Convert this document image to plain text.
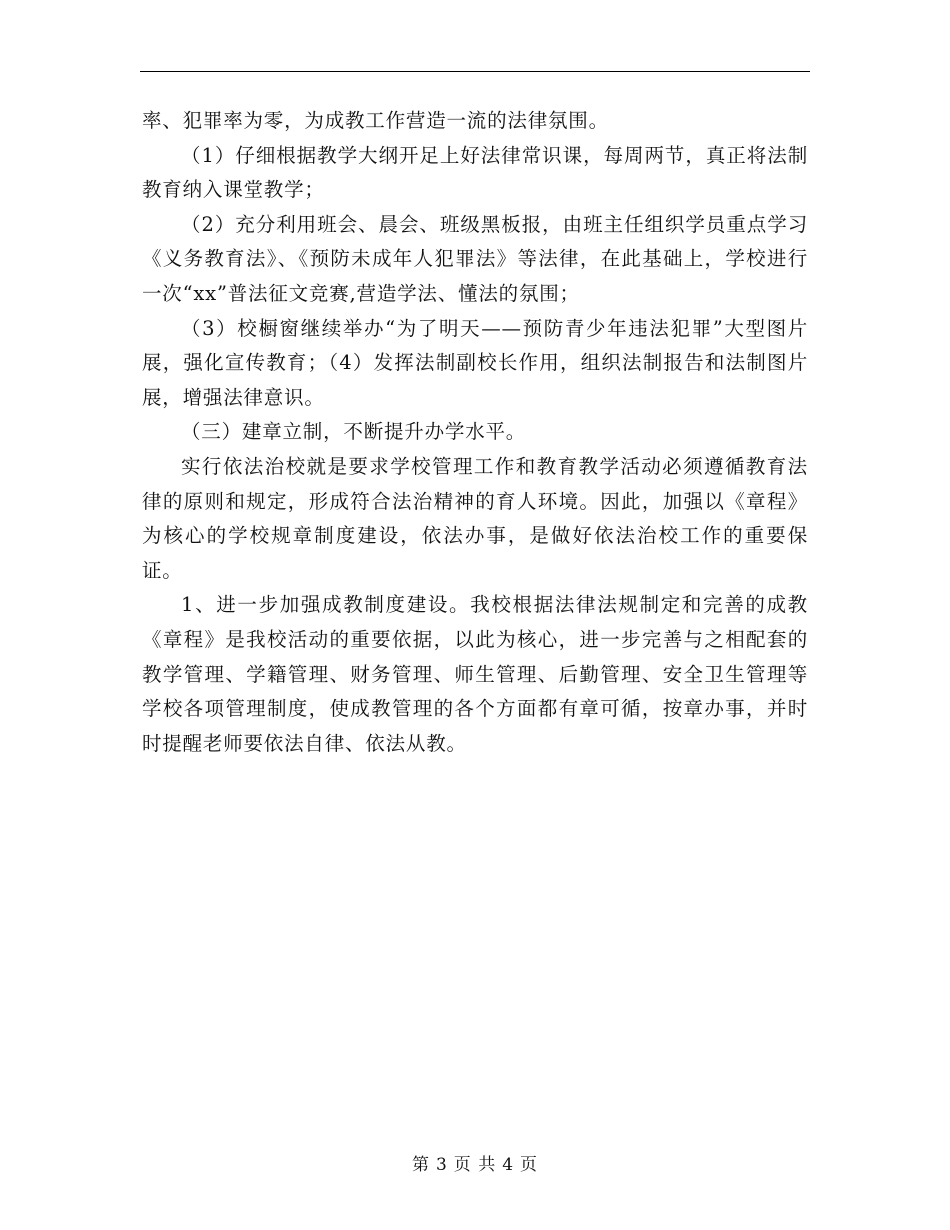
率、犯罪率为零，为成教工作营造一流的法律氛围。

（1）仔细根据教学大纲开足上好法律常识课，每周两节，真正将法制教育纳入课堂教学；

（2）充分利用班会、晨会、班级黑板报，由班主任组织学员重点学习《义务教育法》、《预防未成年人犯罪法》等法律，在此基础上，学校进行一次“xx”普法征文竞赛,营造学法、懂法的氛围；

（3）校橱窗继续举办“为了明天——预防青少年违法犯罪”大型图片展，强化宣传教育；（4）发挥法制副校长作用，组织法制报告和法制图片展，增强法律意识。

（三）建章立制，不断提升办学水平。

实行依法治校就是要求学校管理工作和教育教学活动必须遵循教育法律的原则和规定，形成符合法治精神的育人环境。因此，加强以《章程》为核心的学校规章制度建设，依法办事，是做好依法治校工作的重要保证。

1、进一步加强成教制度建设。我校根据法律法规制定和完善的成教《章程》是我校活动的重要依据，以此为核心，进一步完善与之相配套的教学管理、学籍管理、财务管理、师生管理、后勤管理、安全卫生管理等学校各项管理制度，使成教管理的各个方面都有章可循，按章办事，并时时提醒老师要依法自律、依法从教。

第 3 页 共 4 页
